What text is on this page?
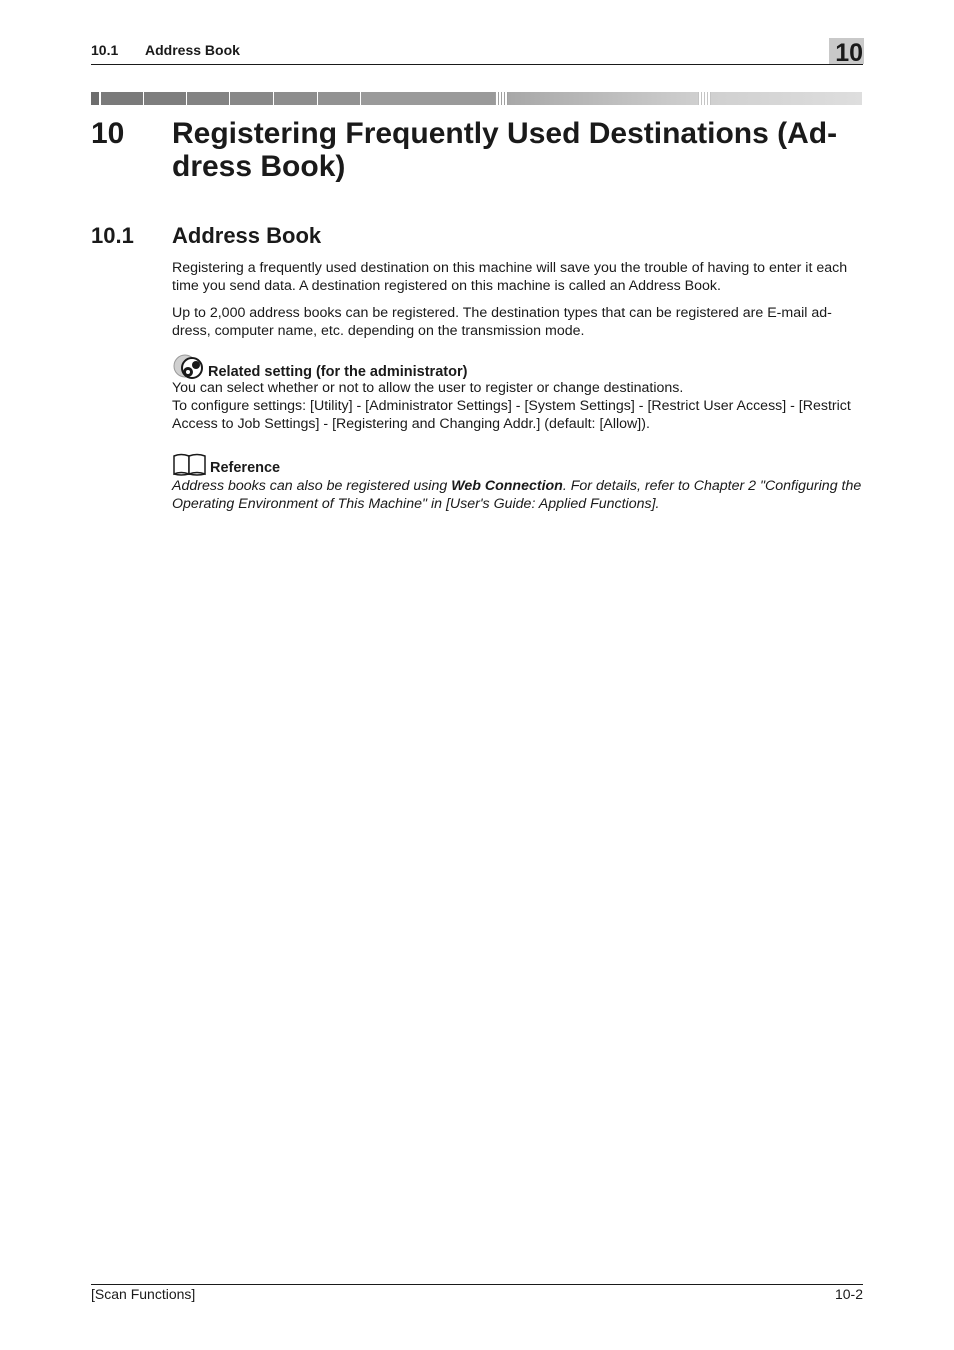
10.1 Address Book	10
10 Registering Frequently Used Destinations (Ad-dress Book)
10.1 Address Book
Registering a frequently used destination on this machine will save you the trouble of having to enter it each time you send data. A destination registered on this machine is called an Address Book.
Up to 2,000 address books can be registered. The destination types that can be registered are E-mail ad-dress, computer name, etc. depending on the transmission mode.
Related setting (for the administrator)
You can select whether or not to allow the user to register or change destinations.
To configure settings: [Utility] - [Administrator Settings] - [System Settings] - [Restrict User Access] - [Restrict Access to Job Settings] - [Registering and Changing Addr.] (default: [Allow]).
Reference
Address books can also be registered using Web Connection. For details, refer to Chapter 2 "Configuring the Operating Environment of This Machine" in [User's Guide: Applied Functions].
[Scan Functions]	10-2
